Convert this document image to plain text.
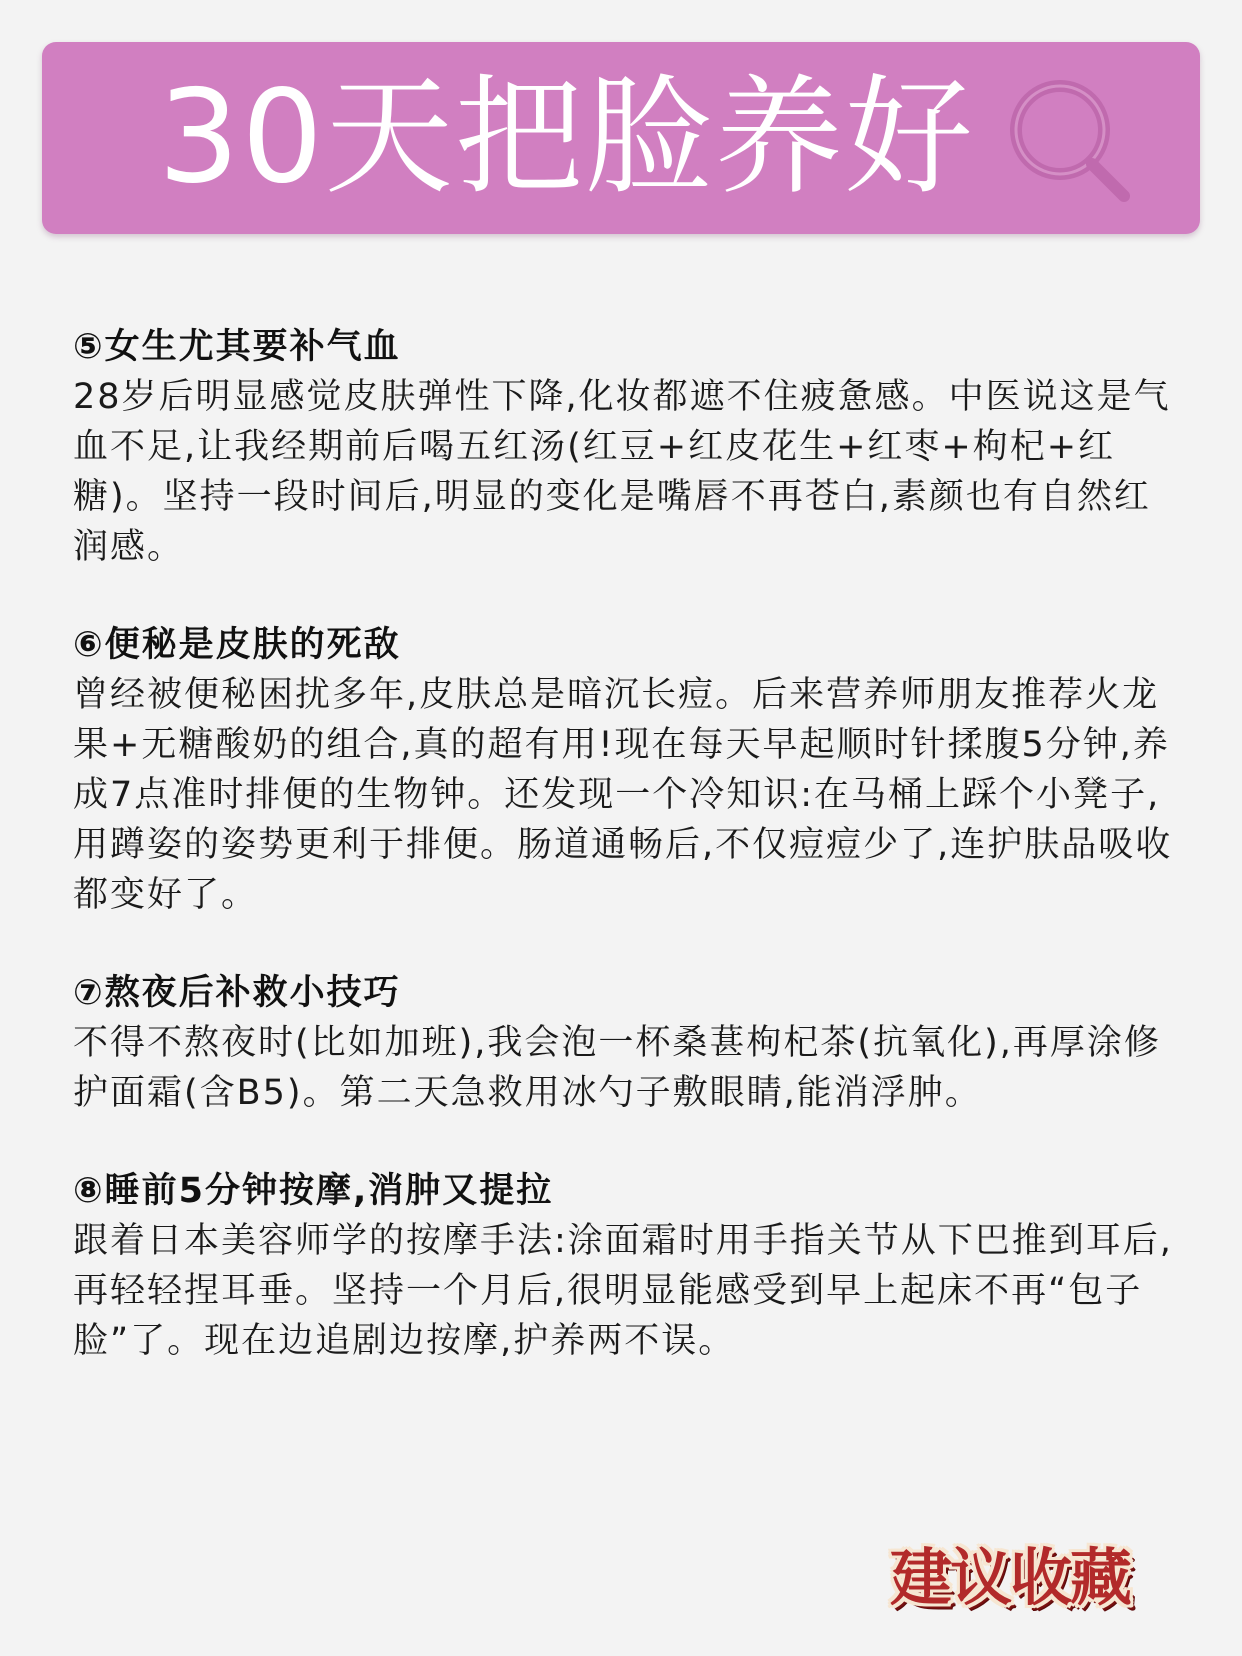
30天把脸养好
⑤女生尤其要补气血
28岁后明显感觉皮肤弹性下降,化妆都遮不住疲惫感。中医说这是气血不足,让我经期前后喝五红汤(红豆+红皮花生+红枣+枸杞+红糖)。坚持一段时间后,明显的变化是嘴唇不再苍白,素颜也有自然红润感。
⑥便秘是皮肤的死敌
曾经被便秘困扰多年,皮肤总是暗沉长痘。后来营养师朋友推荐火龙果+无糖酸奶的组合,真的超有用!现在每天早起顺时针揉腹5分钟,养成7点准时排便的生物钟。还发现一个冷知识:在马桶上踩个小凳子,用蹲姿的姿势更利于排便。肠道通畅后,不仅痘痘少了,连护肤品吸收都变好了。
⑦熬夜后补救小技巧
不得不熬夜时(比如加班),我会泡一杯桑葚枸杞茶(抗氧化),再厚涂修护面霜(含B5)。第二天急救用冰勺子敷眼睛,能消浮肿。
⑧睡前5分钟按摩,消肿又提拉
跟着日本美容师学的按摩手法:涂面霜时用手指关节从下巴推到耳后,再轻轻捏耳垂。坚持一个月后,很明显能感受到早上起床不再“包子脸”了。现在边追剧边按摩,护养两不误。
建议收藏
